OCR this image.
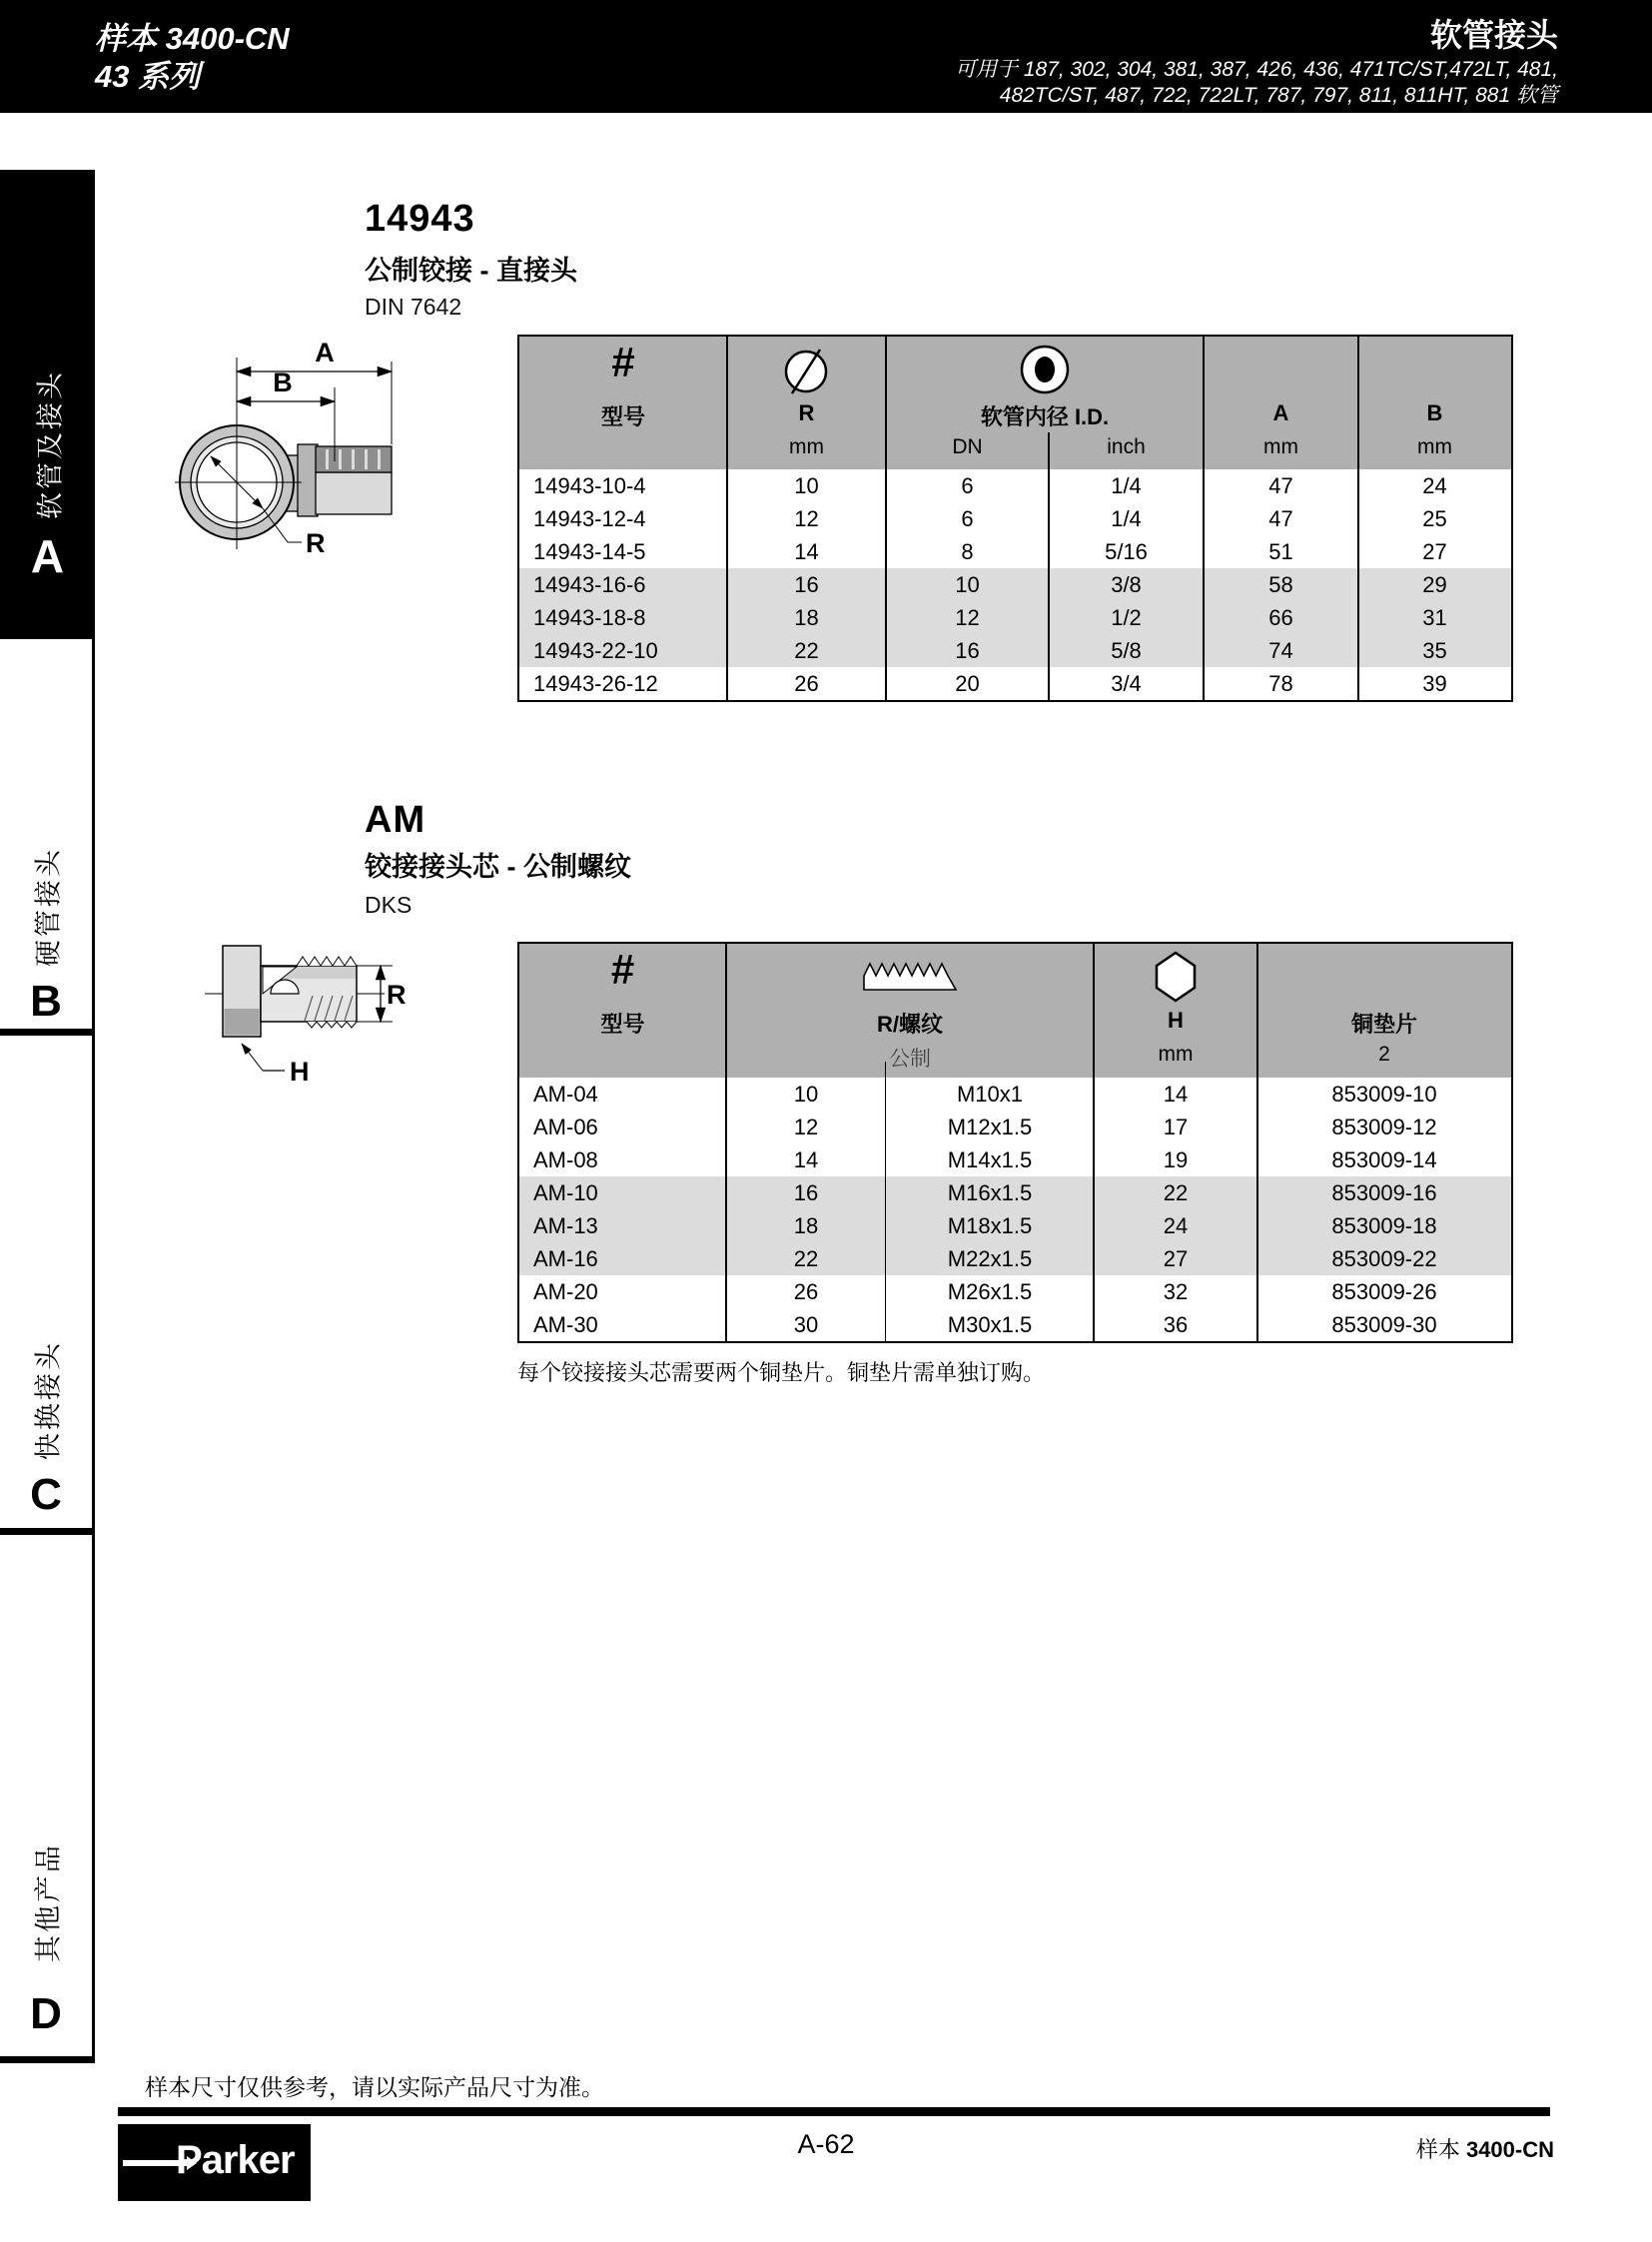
样本 3400-CN
43 系列
软管接头
可用于 187, 302, 304, 381, 387, 426, 436, 471TC/ST,472LT, 481,
482TC/ST, 487, 722, 722LT, 787, 797, 811, 811HT, 881 软管
软管及接头
A
硬管接头
B
快换接头
C
其他产品
D
14943
公制铰接 - 直接头
DIN 7642
A
B
R
#
型号	R	软管内径 I.D.	A	B
mm	DN	inch	mm	mm
14943-10-4	10	6	1/4	47	24
14943-12-4	12	6	1/4	47	25
14943-14-5	14	8	5/16	51	27
14943-16-6	16	10	3/8	58	29
14943-18-8	18	12	1/2	66	31
14943-22-10	22	16	5/8	74	35
14943-26-12	26	20	3/4	78	39
AM
铰接接头芯 - 公制螺纹
DKS
R
H
#
型号	R/螺纹	H	铜垫片
公制	mm	2
AM-04	10	M10x1	14	853009-10
AM-06	12	M12x1.5	17	853009-12
AM-08	14	M14x1.5	19	853009-14
AM-10	16	M16x1.5	22	853009-16
AM-13	18	M18x1.5	24	853009-18
AM-16	22	M22x1.5	27	853009-22
AM-20	26	M26x1.5	32	853009-26
AM-30	30	M30x1.5	36	853009-30
每个铰接接头芯需要两个铜垫片。铜垫片需单独订购。
样本尺寸仅供参考，请以实际产品尺寸为准。
A-62	样本 3400-CN
Parker
